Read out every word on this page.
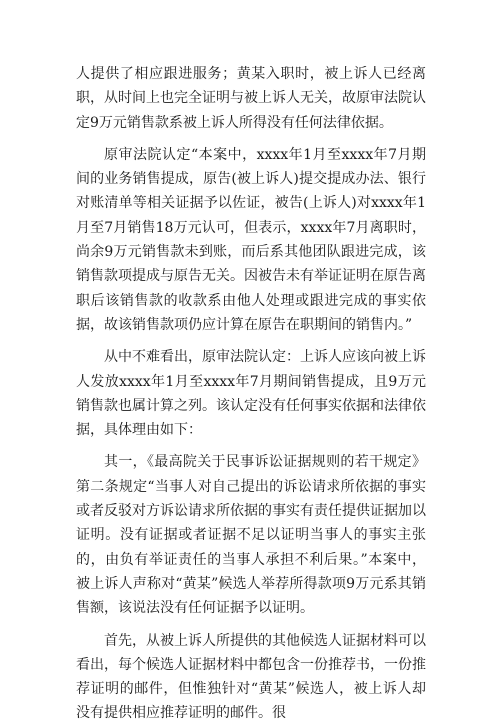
人提供了相应跟进服务；黄某入职时，被上诉人已经离职，从时间上也完全证明与被上诉人无关，故原审法院认定9万元销售款系被上诉人所得没有任何法律依据。

原审法院认定“本案中，xxxx年1月至xxxx年7月期间的业务销售提成，原告(被上诉人)提交提成办法、银行对账清单等相关证据予以佐证，被告(上诉人)对xxxx年1月至7月销售18万元认可，但表示，xxxx年7月离职时，尚余9万元销售款未到账，而后系其他团队跟进完成，该销售款项提成与原告无关。因被告未有举证证明在原告离职后该销售款的收款系由他人处理或跟进完成的事实依据，故该销售款项仍应计算在原告在职期间的销售内。”

从中不难看出，原审法院认定：上诉人应该向被上诉人发放xxxx年1月至xxxx年7月期间销售提成，且9万元销售款也属计算之列。该认定没有任何事实依据和法律依据，具体理由如下：

其一，《最高院关于民事诉讼证据规则的若干规定》第二条规定“当事人对自己提出的诉讼请求所依据的事实或者反驳对方诉讼请求所依据的事实有责任提供证据加以证明。没有证据或者证据不足以证明当事人的事实主张的，由负有举证责任的当事人承担不利后果。”本案中，被上诉人声称对“黄某”候选人举荐所得款项9万元系其销售额，该说法没有任何证据予以证明。

首先，从被上诉人所提供的其他候选人证据材料可以看出，每个候选人证据材料中都包含一份推荐书，一份推荐证明的邮件，但惟独针对“黄某”候选人，被上诉人却没有提供相应推荐证明的邮件。很
